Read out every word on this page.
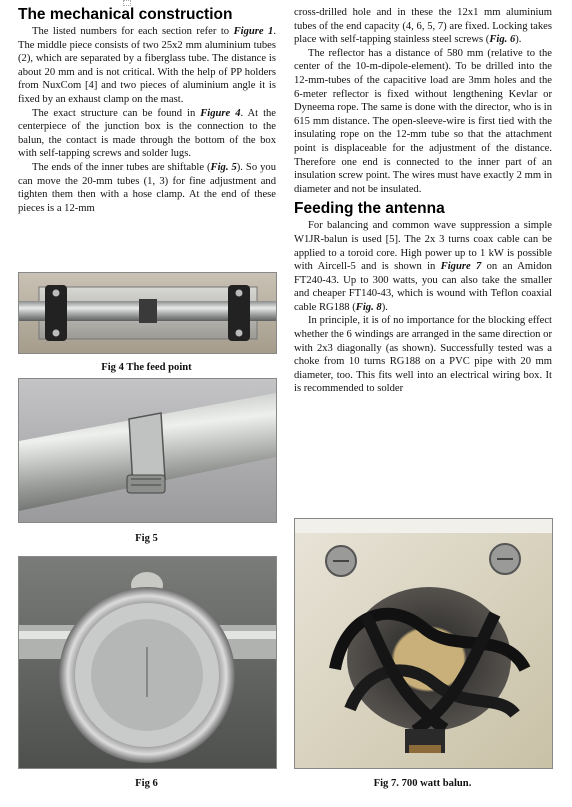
The mechanical construction

The listed numbers for each section refer to Figure 1. The middle piece consists of two 25x2 mm aluminium tubes (2), which are separated by a fiberglass tube. The distance is about 20 mm and is not critical. With the help of PP holders from NuxCom [4] and two pieces of aluminium angle it is fixed by an exhaust clamp on the mast.

The exact structure can be found in Figure 4. At the centerpiece of the junction box is the connection to the balun, the contact is made through the bottom of the box with self-tapping screws and solder lugs.

The ends of the inner tubes are shiftable (Fig. 5). So you can move the 20-mm tubes (1, 3) for fine adjustment and tighten them then with a hose clamp. At the end of these pieces is a 12-mm

Fig 4 The feed point
Fig 5
Fig 6

cross-drilled hole and in these the 12x1 mm aluminium tubes of the end capacity (4, 6, 5, 7) are fixed. Locking takes place with self-tapping stainless steel screws (Fig. 6).

The reflector has a distance of 580 mm (relative to the center of the 10-m-dipole-element). To be drilled into the 12-mm-tubes of the capacitive load are 3mm holes and the 6-meter reflector is fixed without lengthening Kevlar or Dyneema rope. The same is done with the director, who is in 615 mm distance. The open-sleeve-wire is first tied with the insulating rope on the 12-mm tube so that the attachment point is displaceable for the adjustment of the distance. Therefore one end is connected to the inner part of an insulation screw point. The wires must have exactly 2 mm in diameter and not be insulated.

Feeding the antenna

For balancing and common wave suppression a simple W1JR-balun is used [5]. The 2x 3 turns coax cable can be applied to a toroid core. High power up to 1 kW is possible with Aircell-5 and is shown in Figure 7 on an Amidon FT240-43. Up to 300 watts, you can also take the smaller and cheaper FT140-43, which is wound with Teflon coaxial cable RG188 (Fig. 8).

In principle, it is of no importance for the blocking effect whether the 6 windings are arranged in the same direction or with 2x3 diagonally (as shown). Successfully tested was a choke from 10 turns RG188 on a PVC pipe with 20 mm diameter, too. This fits well into an electrical wiring box. It is recommended to solder

Fig 7. 700 watt balun.
